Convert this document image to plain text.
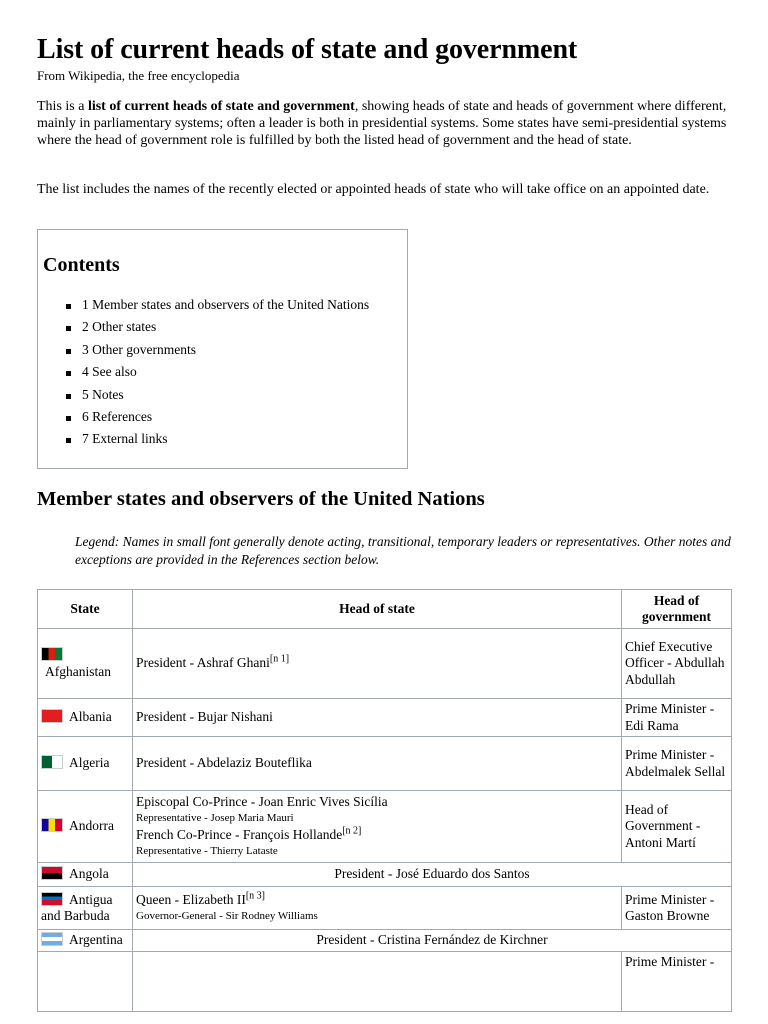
List of current heads of state and government
From Wikipedia, the free encyclopedia

This is a list of current heads of state and government, showing heads of state and heads of government where different, mainly in parliamentary systems; often a leader is both in presidential systems. Some states have semi-presidential systems where the head of government role is fulfilled by both the listed head of government and the head of state.

The list includes the names of the recently elected or appointed heads of state who will take office on an appointed date.

Contents
1 Member states and observers of the United Nations
2 Other states
3 Other governments
4 See also
5 Notes
6 References
7 External links
Member states and observers of the United Nations
Legend: Names in small font generally denote acting, transitional, temporary leaders or representatives. Other notes and exceptions are provided in the References section below.
State	Head of state	Head of government

Afghanistan	President - Ashraf Ghani[n 1]	Chief Executive Officer - Abdullah Abdullah
Albania	President - Bujar Nishani	Prime Minister - Edi Rama
Algeria	President - Abdelaziz Bouteflika	Prime Minister - Abdelmalek Sellal
Andorra	Episcopal Co-Prince - Joan Enric Vives Sicília
Representative - Josep Maria Mauri
French Co-Prince - François Hollande[n 2]
Representative - Thierry Lataste	Head of Government - Antoni Martí
Angola	President - José Eduardo dos Santos	
Antigua and Barbuda	Queen - Elizabeth II[n 3]
Governor-General - Sir Rodney Williams	Prime Minister - Gaston Browne
Argentina	President - Cristina Fernández de Kirchner	
		Prime Minister -
